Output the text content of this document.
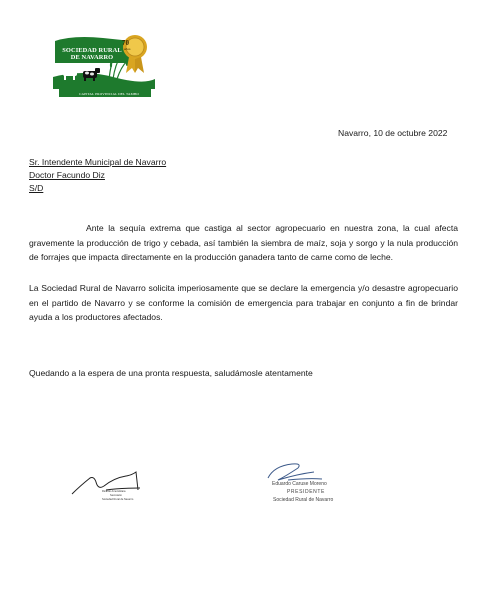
SOCIEDAD RURAL
DE NAVARRO
CAPITAL PROVINCIAL DEL TAMBO
70
años
Navarro, 10 de octubre 2022
Sr. Intendente Municipal de Navarro
Doctor Facundo Diz
S/D
Ante la sequía extrema que castiga al sector agropecuario en nuestra zona, la cual afecta gravemente la producción de trigo y cebada, así también la siembra de maíz, soja y sorgo y la nula producción de forrajes que impacta directamente en la producción ganadera tanto de carne como de leche.
La Sociedad Rural de Navarro solicita imperiosamente que se declare la emergencia y/o desastre agropecuario en el partido de Navarro y se conforme la comisión de emergencia para trabajar en conjunto a fin de brindar ayuda a los productores afectados.
Quedando a la espera de una pronta respuesta, saludámosle atentamente
Ricardo Amendolara
Secretario
Sociedad Rural de Navarro
Eduardo Caruse Moreno
PRESIDENTE
Sociedad Rural de Navarro
